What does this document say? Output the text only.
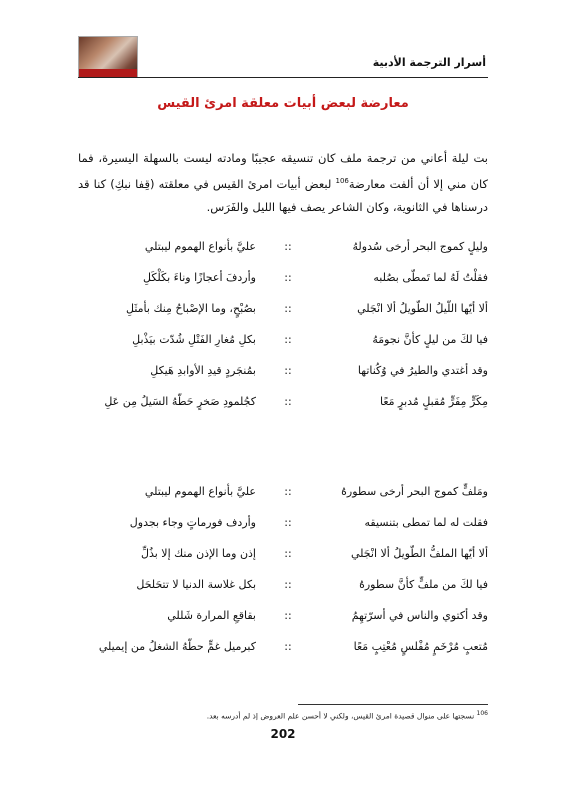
أسرار الترجمة الأدبية
معارضة لبعض أبيات معلقة امرئ القيس
بت ليلة أعاني من ترجمة ملف كان تنسيقه عجيبًا ومادته ليست بالسهلة اليسيرة، فما كان مني إلا أن ألفت معارضة$^{106}$ لبعض أبيات امرئ القيس في معلقته (قِفا نبكِ) كنا قد درسناها في الثانوية، وكان الشاعر يصف فيها الليل والفَرَس.
وليلٍ كموج البحر أرخى سُدولهُ
::
عليَّ بأنواع الهموم ليبتلي
فقلْتُ لَهُ لما تَمطّى بصُلبه
::
وأردفَ أعجازًا وناءَ بكَلْكَلِ
ألا أيّها اللّيلُ الطّويلُ ألا انْجَلي
::
بصُبْحٍ، وما الإصْباحُ مِنك بأمثَلِ
فيا لكَ من ليلٍ كأنَّ نجومَهُ
::
بكلِ مُغارِ الفَتْلِ شُدّت بيَذْبلِ
وقد أغتدي والطيرُ في وُكُناتها
::
بمُنجَردٍ قيدِ الأوابدِ هَيكلِ
مِكَرٍّ مِفَرٍّ مُقبلٍ مُدبرٍ مَعًا
::
كجُلمودِ صَخرٍ حَطّهُ السَيلُ مِن عَلِ
ومَلفٍّ كموج البحر أرخى سطورهُ
::
عليَّ بأنواع الهموم ليبتلي
فقلت له لما تمطى بتنسيقه
::
وأردف فورماتٍ وجاء بجدول
ألا أيّها الملفُّ الطّويلُ ألا انْجَلي
::
إذن وما الإذن منك إلا بذُلِّ
فيا لكَ من ملفٍّ كأنَّ سطورهُ
::
بكل غلاسة الدنيا لا تتحَلحَل
وقد أكتوي والناس في أسرّتهِمُ
::
بقاقعِ المرارة شَللي
مُتعبٍ مُرْخَمٍ مُفْلسٍ مُعْتِبٍ مَعًا
::
كبرميل غمٍّ حطّهُ الشغلُ من إيميلي
$^{106}$ نسجتها على منوال قصيدة امرئ القيس، ولكني لا أحسن علم العروض إذ لم أدرسه بعد.
202
